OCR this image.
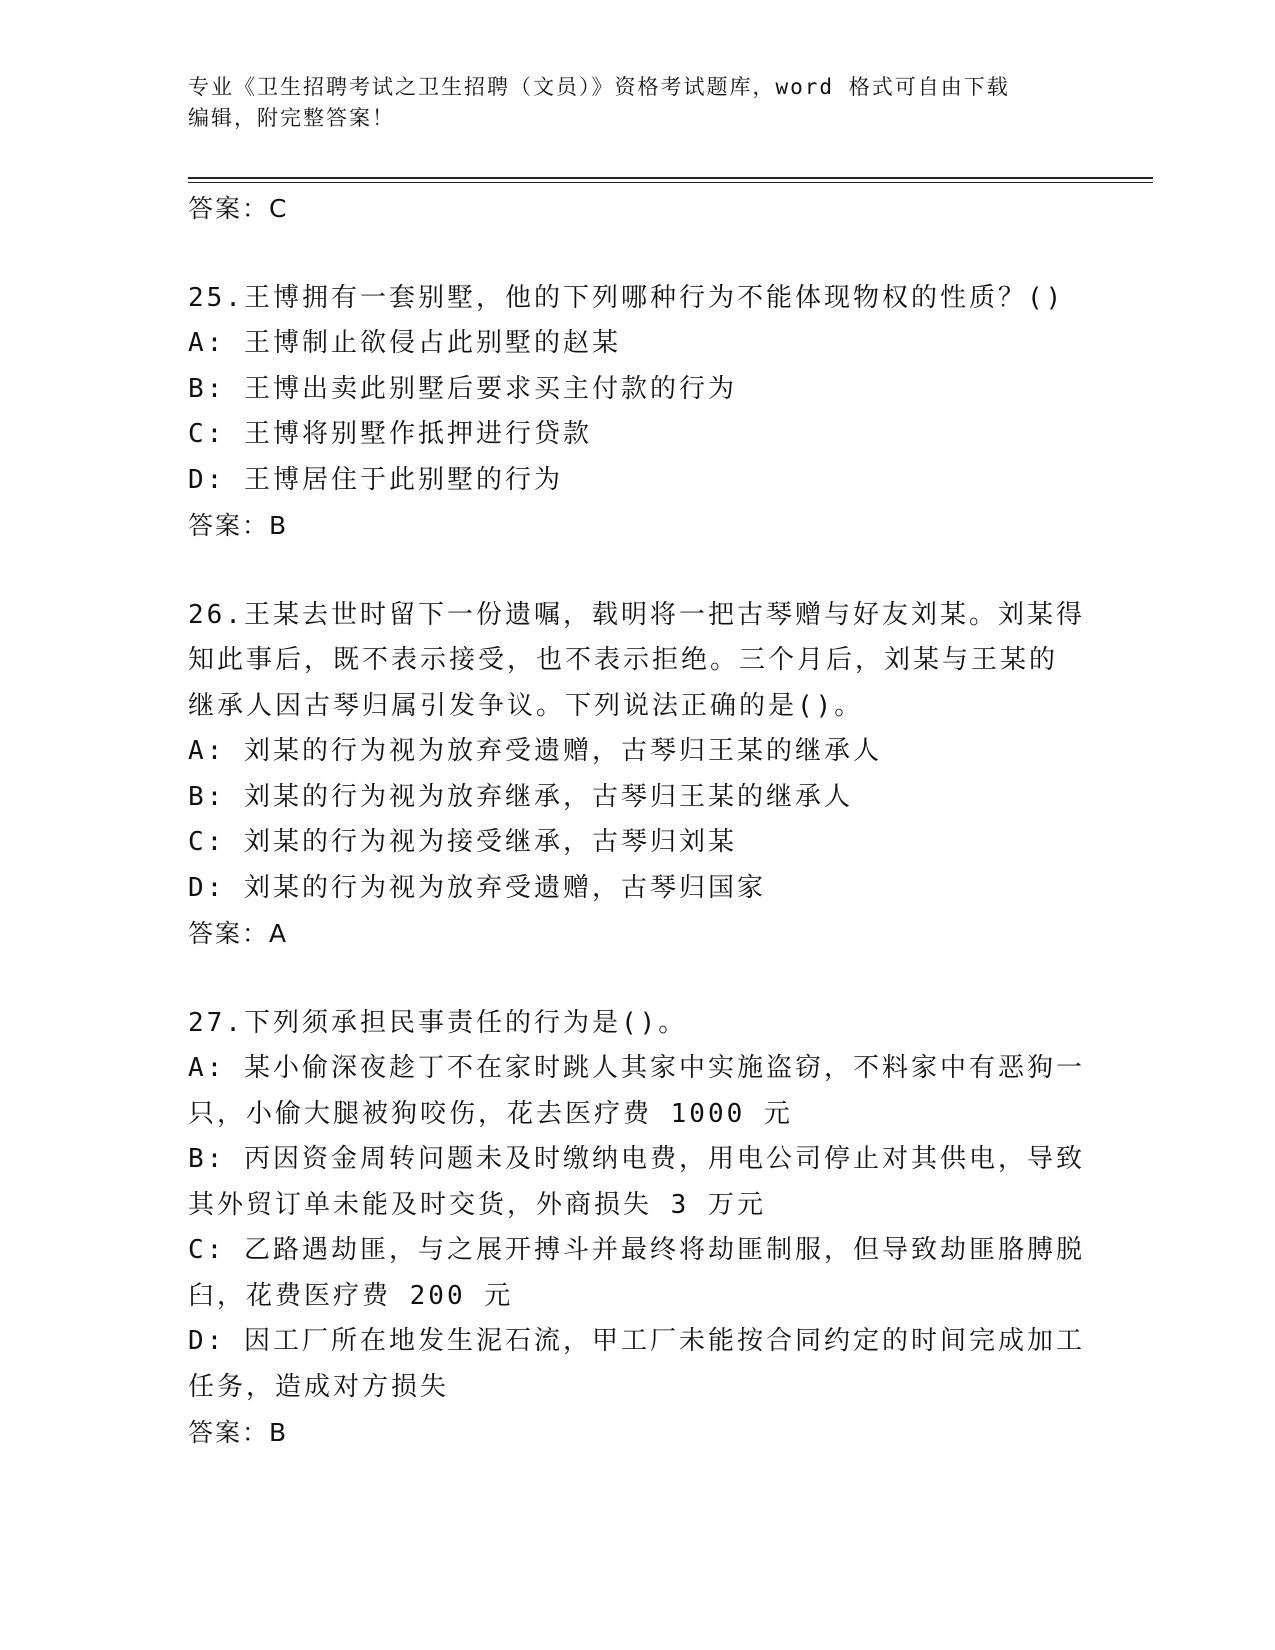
专业《卫生招聘考试之卫生招聘（文员）》资格考试题库，word 格式可自由下载
编辑，附完整答案！
答案：C
25.王博拥有一套别墅，他的下列哪种行为不能体现物权的性质？()
A: 王博制止欲侵占此别墅的赵某
B: 王博出卖此别墅后要求买主付款的行为
C: 王博将别墅作抵押进行贷款
D: 王博居住于此别墅的行为
答案：B
26.王某去世时留下一份遗嘱，载明将一把古琴赠与好友刘某。刘某得
知此事后，既不表示接受，也不表示拒绝。三个月后，刘某与王某的
继承人因古琴归属引发争议。下列说法正确的是()。
A: 刘某的行为视为放弃受遗赠，古琴归王某的继承人
B: 刘某的行为视为放弃继承，古琴归王某的继承人
C: 刘某的行为视为接受继承，古琴归刘某
D: 刘某的行为视为放弃受遗赠，古琴归国家
答案：A
27.下列须承担民事责任的行为是()。
A: 某小偷深夜趁丁不在家时跳人其家中实施盗窃，不料家中有恶狗一
只，小偷大腿被狗咬伤，花去医疗费 1000 元
B: 丙因资金周转问题未及时缴纳电费，用电公司停止对其供电，导致
其外贸订单未能及时交货，外商损失 3 万元
C: 乙路遇劫匪，与之展开搏斗并最终将劫匪制服，但导致劫匪胳膊脱
臼，花费医疗费 200 元
D: 因工厂所在地发生泥石流，甲工厂未能按合同约定的时间完成加工
任务，造成对方损失
答案：B
